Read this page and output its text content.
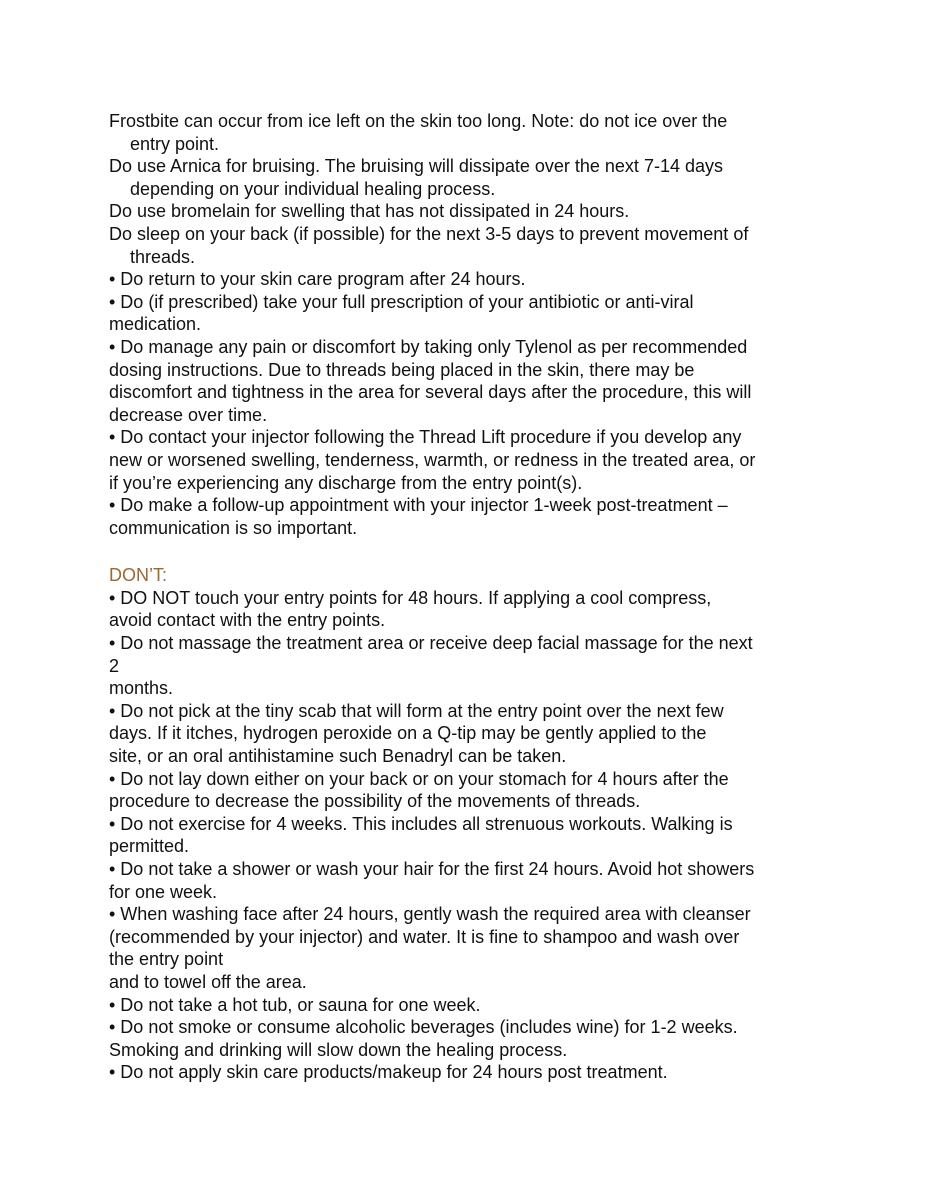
Frostbite can occur from ice left on the skin too long. Note: do not ice over the
entry point.
Do use Arnica for bruising. The bruising will dissipate over the next 7-14 days
depending on your individual healing process.
Do use bromelain for swelling that has not dissipated in 24 hours.
Do sleep on your back (if possible) for the next 3-5 days to prevent movement of
threads.
• Do return to your skin care program after 24 hours.
• Do (if prescribed) take your full prescription of your antibiotic or anti-viral
medication.
• Do manage any pain or discomfort by taking only Tylenol as per recommended
dosing instructions. Due to threads being placed in the skin, there may be
discomfort and tightness in the area for several days after the procedure, this will
decrease over time.
• Do contact your injector following the Thread Lift procedure if you develop any
new or worsened swelling, tenderness, warmth, or redness in the treated area, or
if you’re experiencing any discharge from the entry point(s).
• Do make a follow-up appointment with your injector 1-week post-treatment –
communication is so important.
DON’T:
• DO NOT touch your entry points for 48 hours. If applying a cool compress,
avoid contact with the entry points.
• Do not massage the treatment area or receive deep facial massage for the next
2
months.
• Do not pick at the tiny scab that will form at the entry point over the next few
days. If it itches, hydrogen peroxide on a Q-tip may be gently applied to the
site, or an oral antihistamine such Benadryl can be taken.
• Do not lay down either on your back or on your stomach for 4 hours after the
procedure to decrease the possibility of the movements of threads.
• Do not exercise for 4 weeks. This includes all strenuous workouts. Walking is
permitted.
• Do not take a shower or wash your hair for the first 24 hours. Avoid hot showers
for one week.
• When washing face after 24 hours, gently wash the required area with cleanser
(recommended by your injector) and water. It is fine to shampoo and wash over
the entry point
and to towel off the area.
• Do not take a hot tub, or sauna for one week.
• Do not smoke or consume alcoholic beverages (includes wine) for 1-2 weeks.
Smoking and drinking will slow down the healing process.
• Do not apply skin care products/makeup for 24 hours post treatment.
